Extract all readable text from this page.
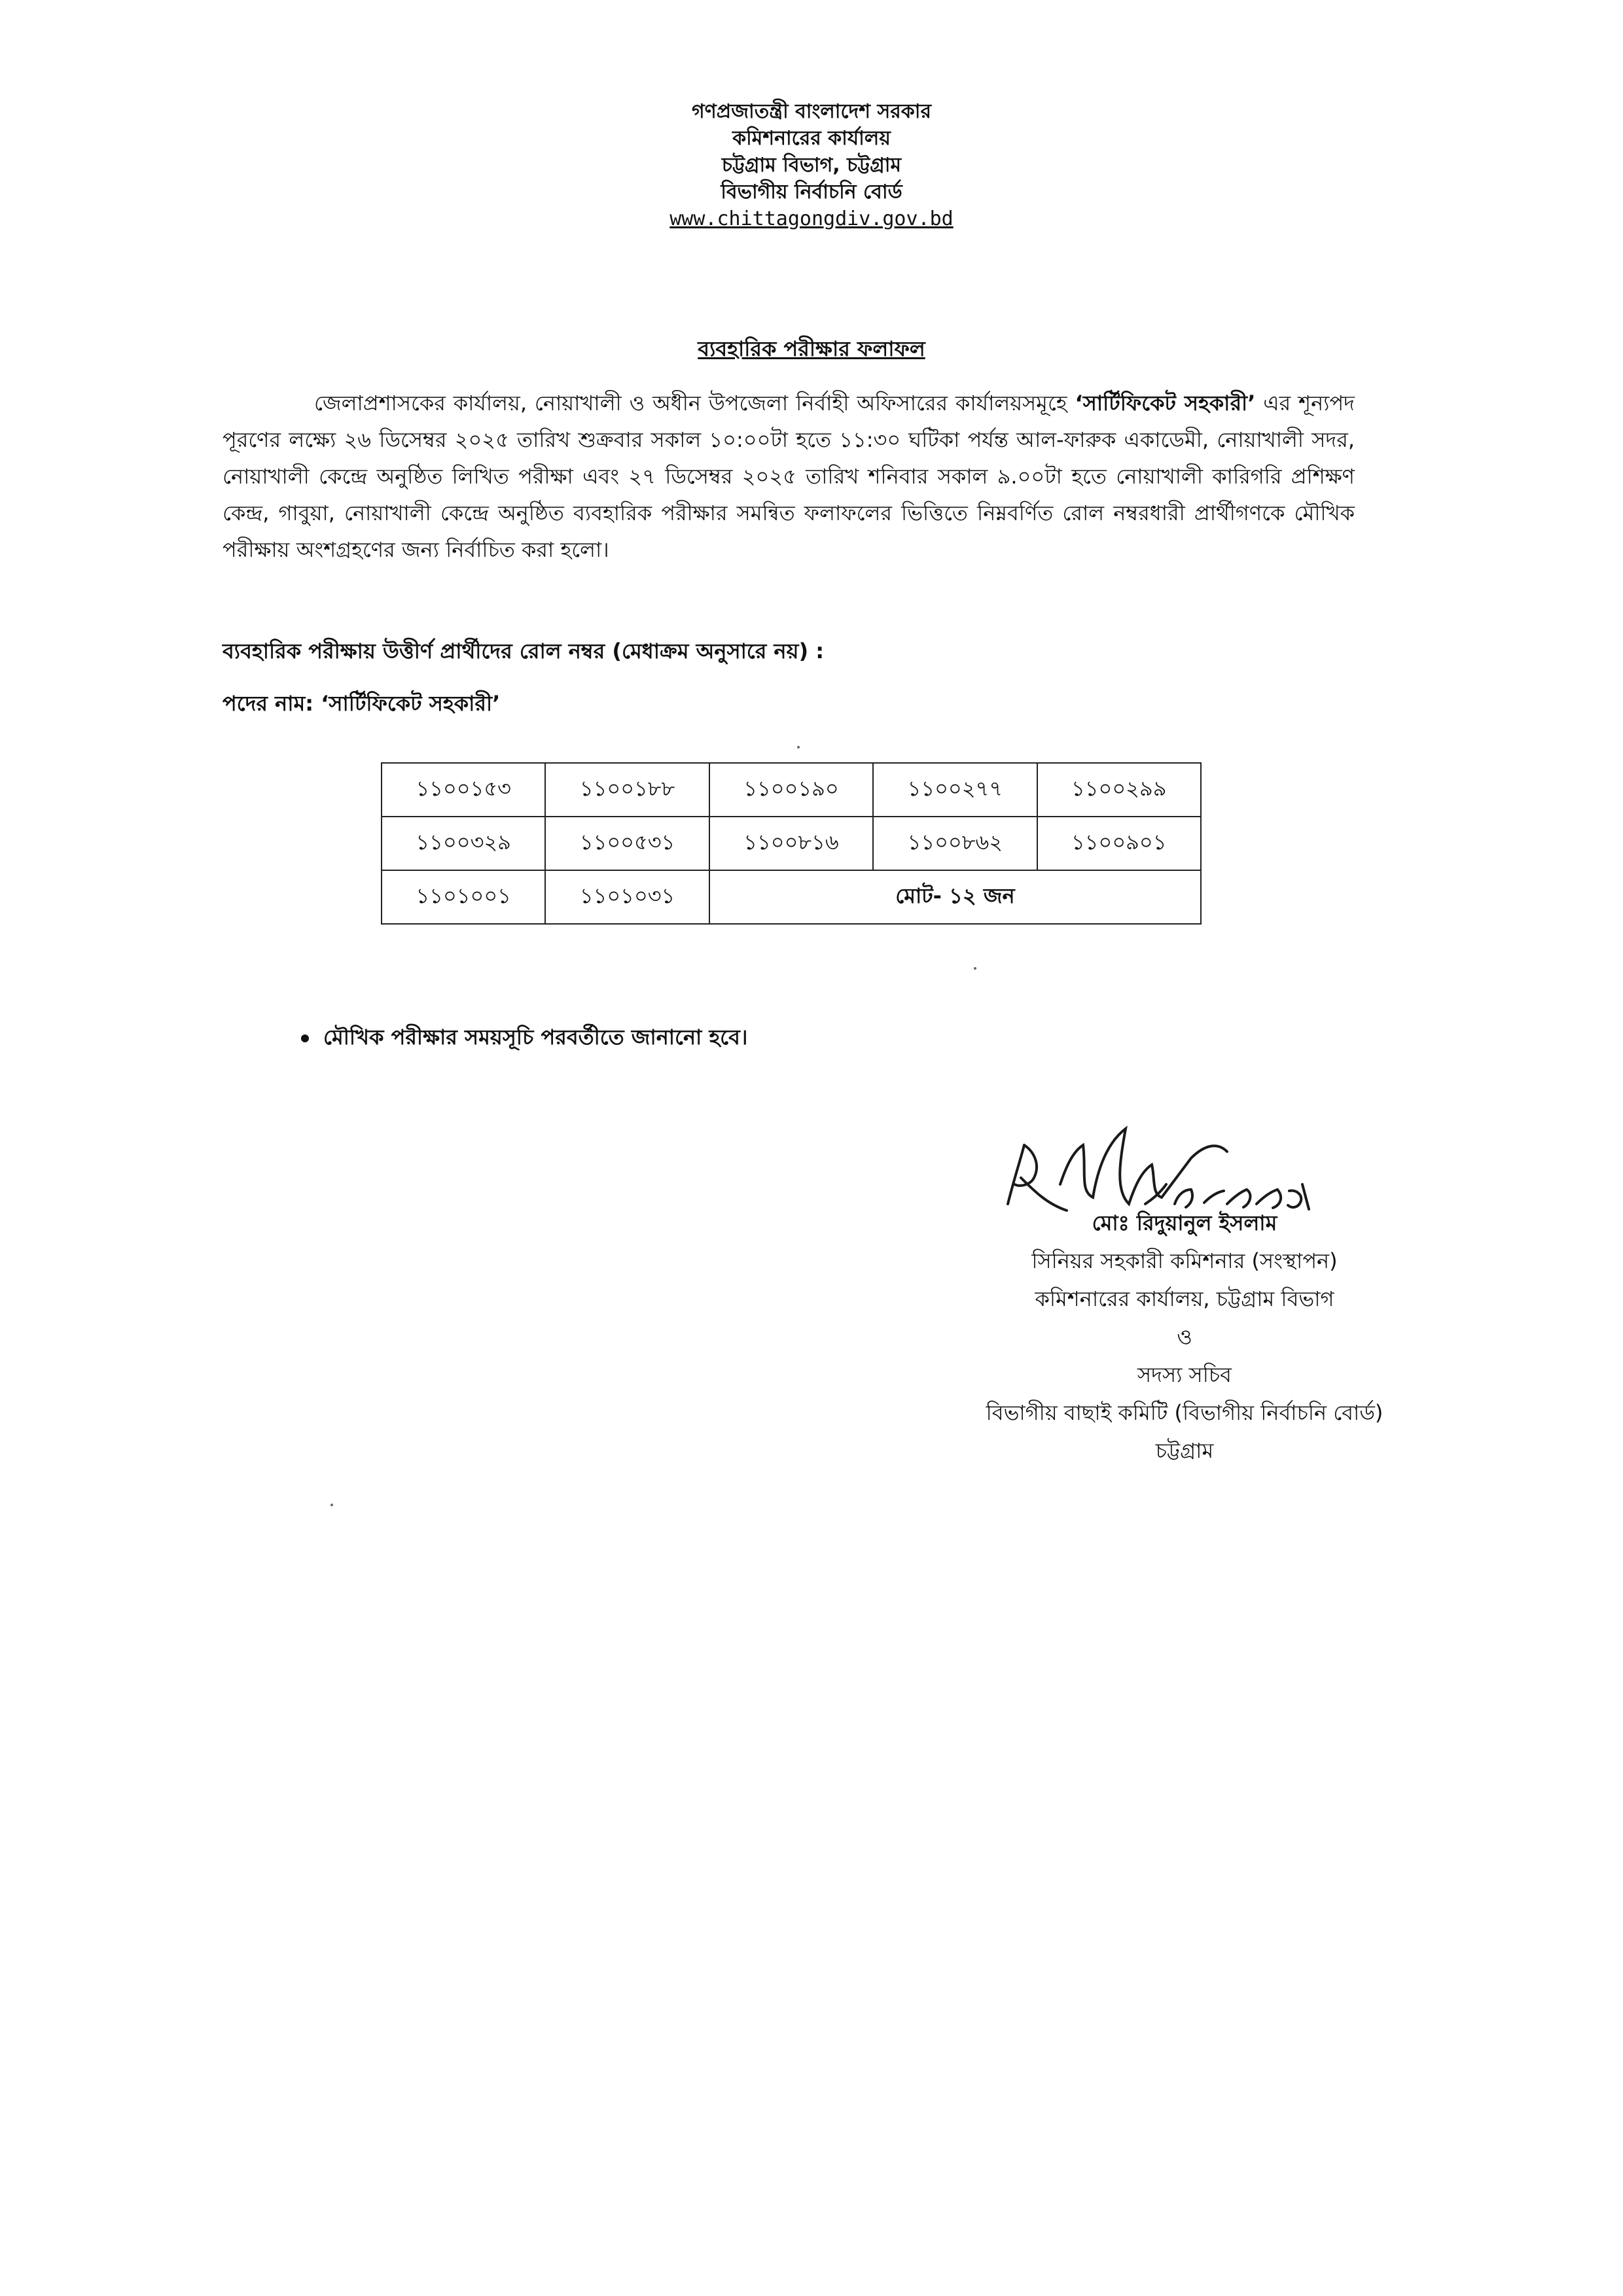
গণপ্রজাতন্ত্রী বাংলাদেশ সরকার
কমিশনারের কার্যালয়
চট্টগ্রাম বিভাগ, চট্টগ্রাম
বিভাগীয় নির্বাচনি বোর্ড
www.chittagongdiv.gov.bd
ব্যবহারিক পরীক্ষার ফলাফল
জেলাপ্রশাসকের কার্যালয়, নোয়াখালী ও অধীন উপজেলা নির্বাহী অফিসারের কার্যালয়সমূহে ‘সার্টিফিকেট সহকারী’ এর শূন্যপদ পূরণের লক্ষ্যে ২৬ ডিসেম্বর ২০২৫ তারিখ শুক্রবার সকাল ১০:০০টা হতে ১১:৩০ ঘটিকা পর্যন্ত আল-ফারুক একাডেমী, নোয়াখালী সদর, নোয়াখালী কেন্দ্রে অনুষ্ঠিত লিখিত পরীক্ষা এবং ২৭ ডিসেম্বর ২০২৫ তারিখ শনিবার সকাল ৯.০০টা হতে নোয়াখালী কারিগরি প্রশিক্ষণ কেন্দ্র, গাবুয়া, নোয়াখালী কেন্দ্রে অনুষ্ঠিত ব্যবহারিক পরীক্ষার সমন্বিত ফলাফলের ভিত্তিতে নিম্নবর্ণিত রোল নম্বরধারী প্রার্থীগণকে মৌখিক পরীক্ষায় অংশগ্রহণের জন্য নির্বাচিত করা হলো।
ব্যবহারিক পরীক্ষায় উত্তীর্ণ প্রার্থীদের রোল নম্বর (মেধাক্রম অনুসারে নয়) :
পদের নাম: ‘সার্টিফিকেট সহকারী’
১১০০১৫৩	১১০০১৮৮	১১০০১৯০	১১০০২৭৭	১১০০২৯৯
১১০০৩২৯	১১০০৫৩১	১১০০৮১৬	১১০০৮৬২	১১০০৯০১
১১০১০০১	১১০১০৩১	মোট- ১২ জন		
মৌখিক পরীক্ষার সময়সূচি পরবর্তীতে জানানো হবে।
মোঃ রিদুয়ানুল ইসলাম
সিনিয়র সহকারী কমিশনার (সংস্থাপন)
কমিশনারের কার্যালয়, চট্টগ্রাম বিভাগ
ও
সদস্য সচিব
বিভাগীয় বাছাই কমিটি (বিভাগীয় নির্বাচনি বোর্ড)
চট্টগ্রাম
